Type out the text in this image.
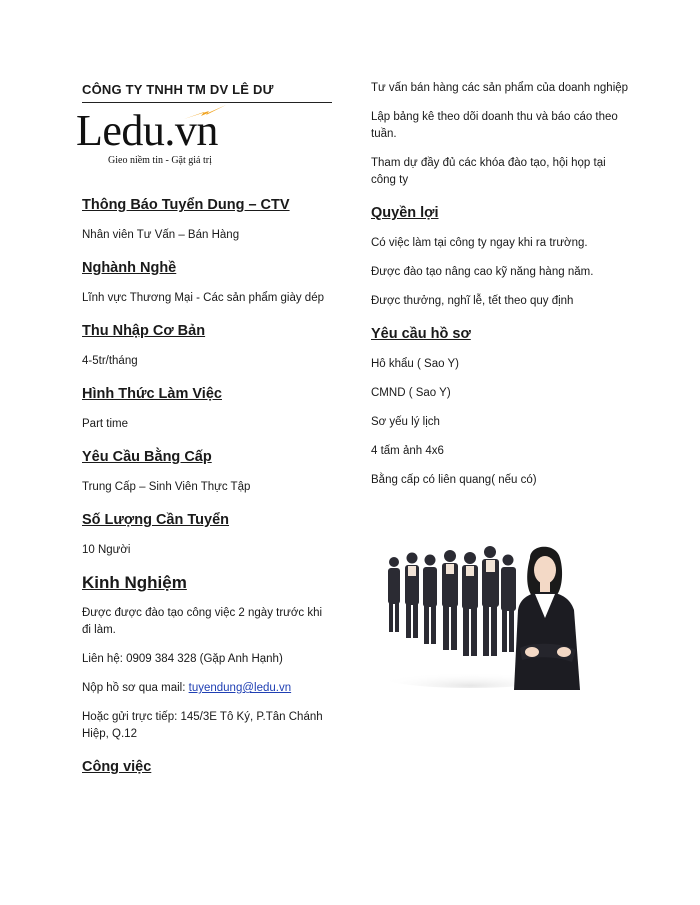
CÔNG TY TNHH TM DV LÊ DƯ
Ledu.vn
Gieo niềm tin - Gặt giá trị
Thông Báo Tuyển Dung – CTV

Nhân viên Tư Vấn – Bán Hàng

Nghành Nghề

Lĩnh vực Thương Mại - Các sản phẩm giày dép

Thu Nhập Cơ Bản

4-5tr/tháng

Hình Thức Làm Việc

Part time

Yêu Cầu Bằng Cấp

Trung Cấp – Sinh Viên Thực Tập

Số Lượng Cần Tuyển

10 Người

Kinh Nghiệm

Được được đào tạo công việc 2 ngày trước khi đi làm.

Liên hệ: 0909 384 328 (Gặp Anh Hạnh)

Nộp hồ sơ qua mail: tuyendung@ledu.vn

Hoặc gửi trực tiếp: 145/3E Tô Ký, P.Tân Chánh Hiệp, Q.12

Công việc

Tư vấn bán hàng các sản phẩm của doanh nghiệp

Lập bảng kê theo dõi doanh thu và báo cáo theo tuần.

Tham dự đầy đủ các khóa đào tạo, hội họp tại công ty

Quyền lợi

Có việc làm tại công ty ngay khi ra trường.

Được đào tạo nâng cao kỹ năng hàng năm.

Được thưởng, nghĩ lễ, tết theo quy định

Yêu cầu hồ sơ

Hô khẩu ( Sao Y)

CMND ( Sao Y)

Sơ yếu lý lịch

4 tấm ảnh 4x6

Bằng cấp có liên quang( nếu có)
